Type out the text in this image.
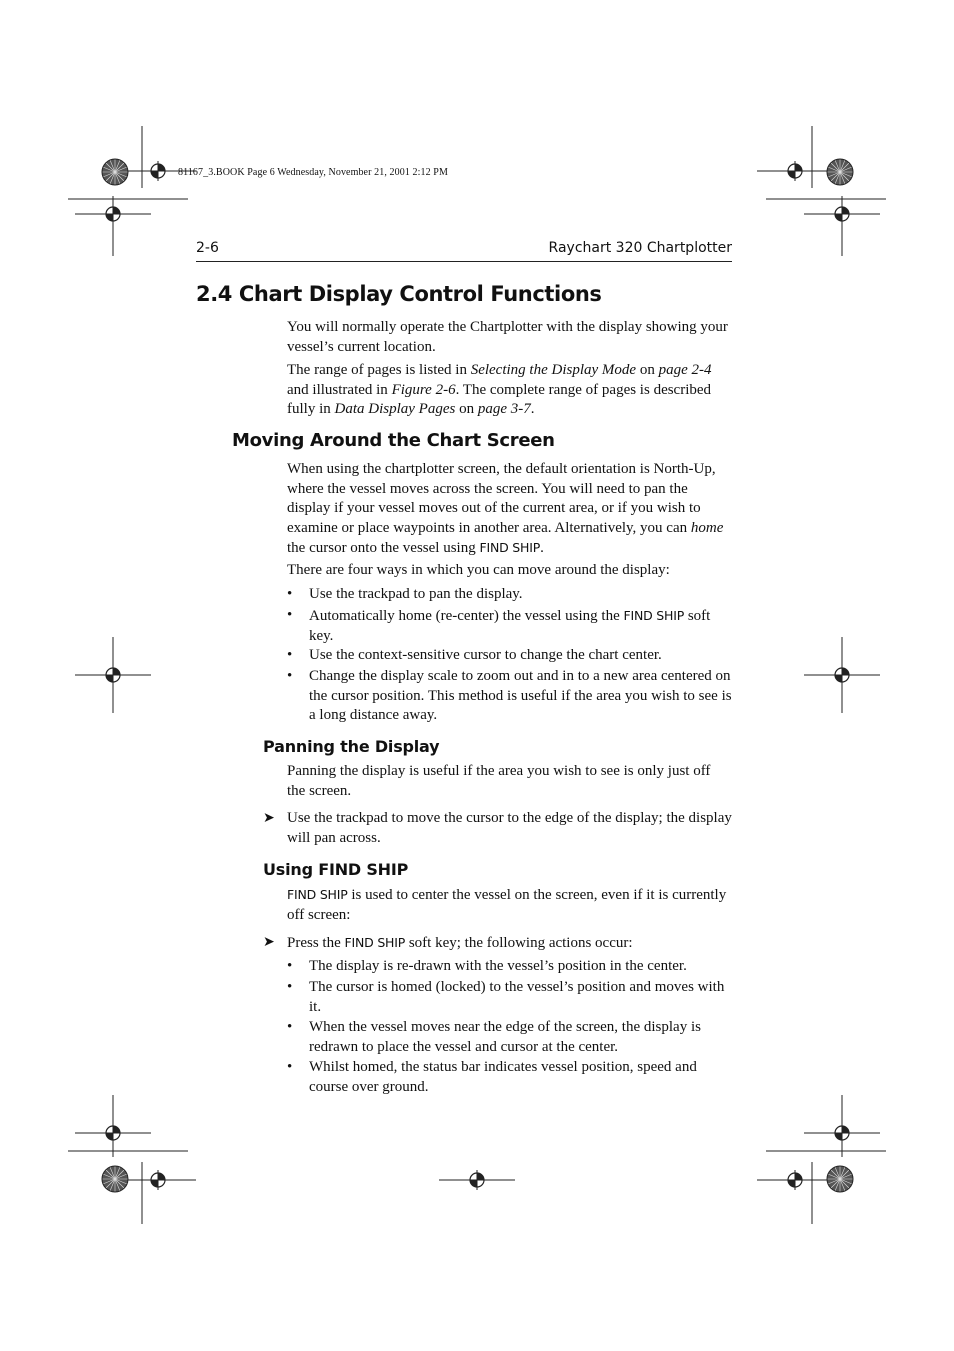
81167_3.BOOK Page 6 Wednesday, November 21, 2001 2:12 PM
2-6	Raychart 320 Chartplotter
2.4 Chart Display Control Functions
You will normally operate the Chartplotter with the display showing your vessel’s current location.
The range of pages is listed in Selecting the Display Mode on page 2-4 and illustrated in Figure 2-6. The complete range of pages is described fully in Data Display Pages on page 3-7.
Moving Around the Chart Screen
When using the chartplotter screen, the default orientation is North-Up, where the vessel moves across the screen. You will need to pan the display if your vessel moves out of the current area, or if you wish to examine or place waypoints in another area. Alternatively, you can home the cursor onto the vessel using FIND SHIP.
There are four ways in which you can move around the display:
•	Use the trackpad to pan the display.
•	Automatically home (re-center) the vessel using the FIND SHIP soft key.
•	Use the context-sensitive cursor to change the chart center.
•	Change the display scale to zoom out and in to a new area centered on the cursor position. This method is useful if the area you wish to see is a long distance away.
Panning the Display
Panning the display is useful if the area you wish to see is only just off the screen.
➤ Use the trackpad to move the cursor to the edge of the display; the display will pan across.
Using FIND SHIP
FIND SHIP is used to center the vessel on the screen, even if it is currently off screen:
➤ Press the FIND SHIP soft key; the following actions occur:
•	The display is re-drawn with the vessel’s position in the center.
•	The cursor is homed (locked) to the vessel’s position and moves with it.
•	When the vessel moves near the edge of the screen, the display is redrawn to place the vessel and cursor at the center.
•	Whilst homed, the status bar indicates vessel position, speed and course over ground.
